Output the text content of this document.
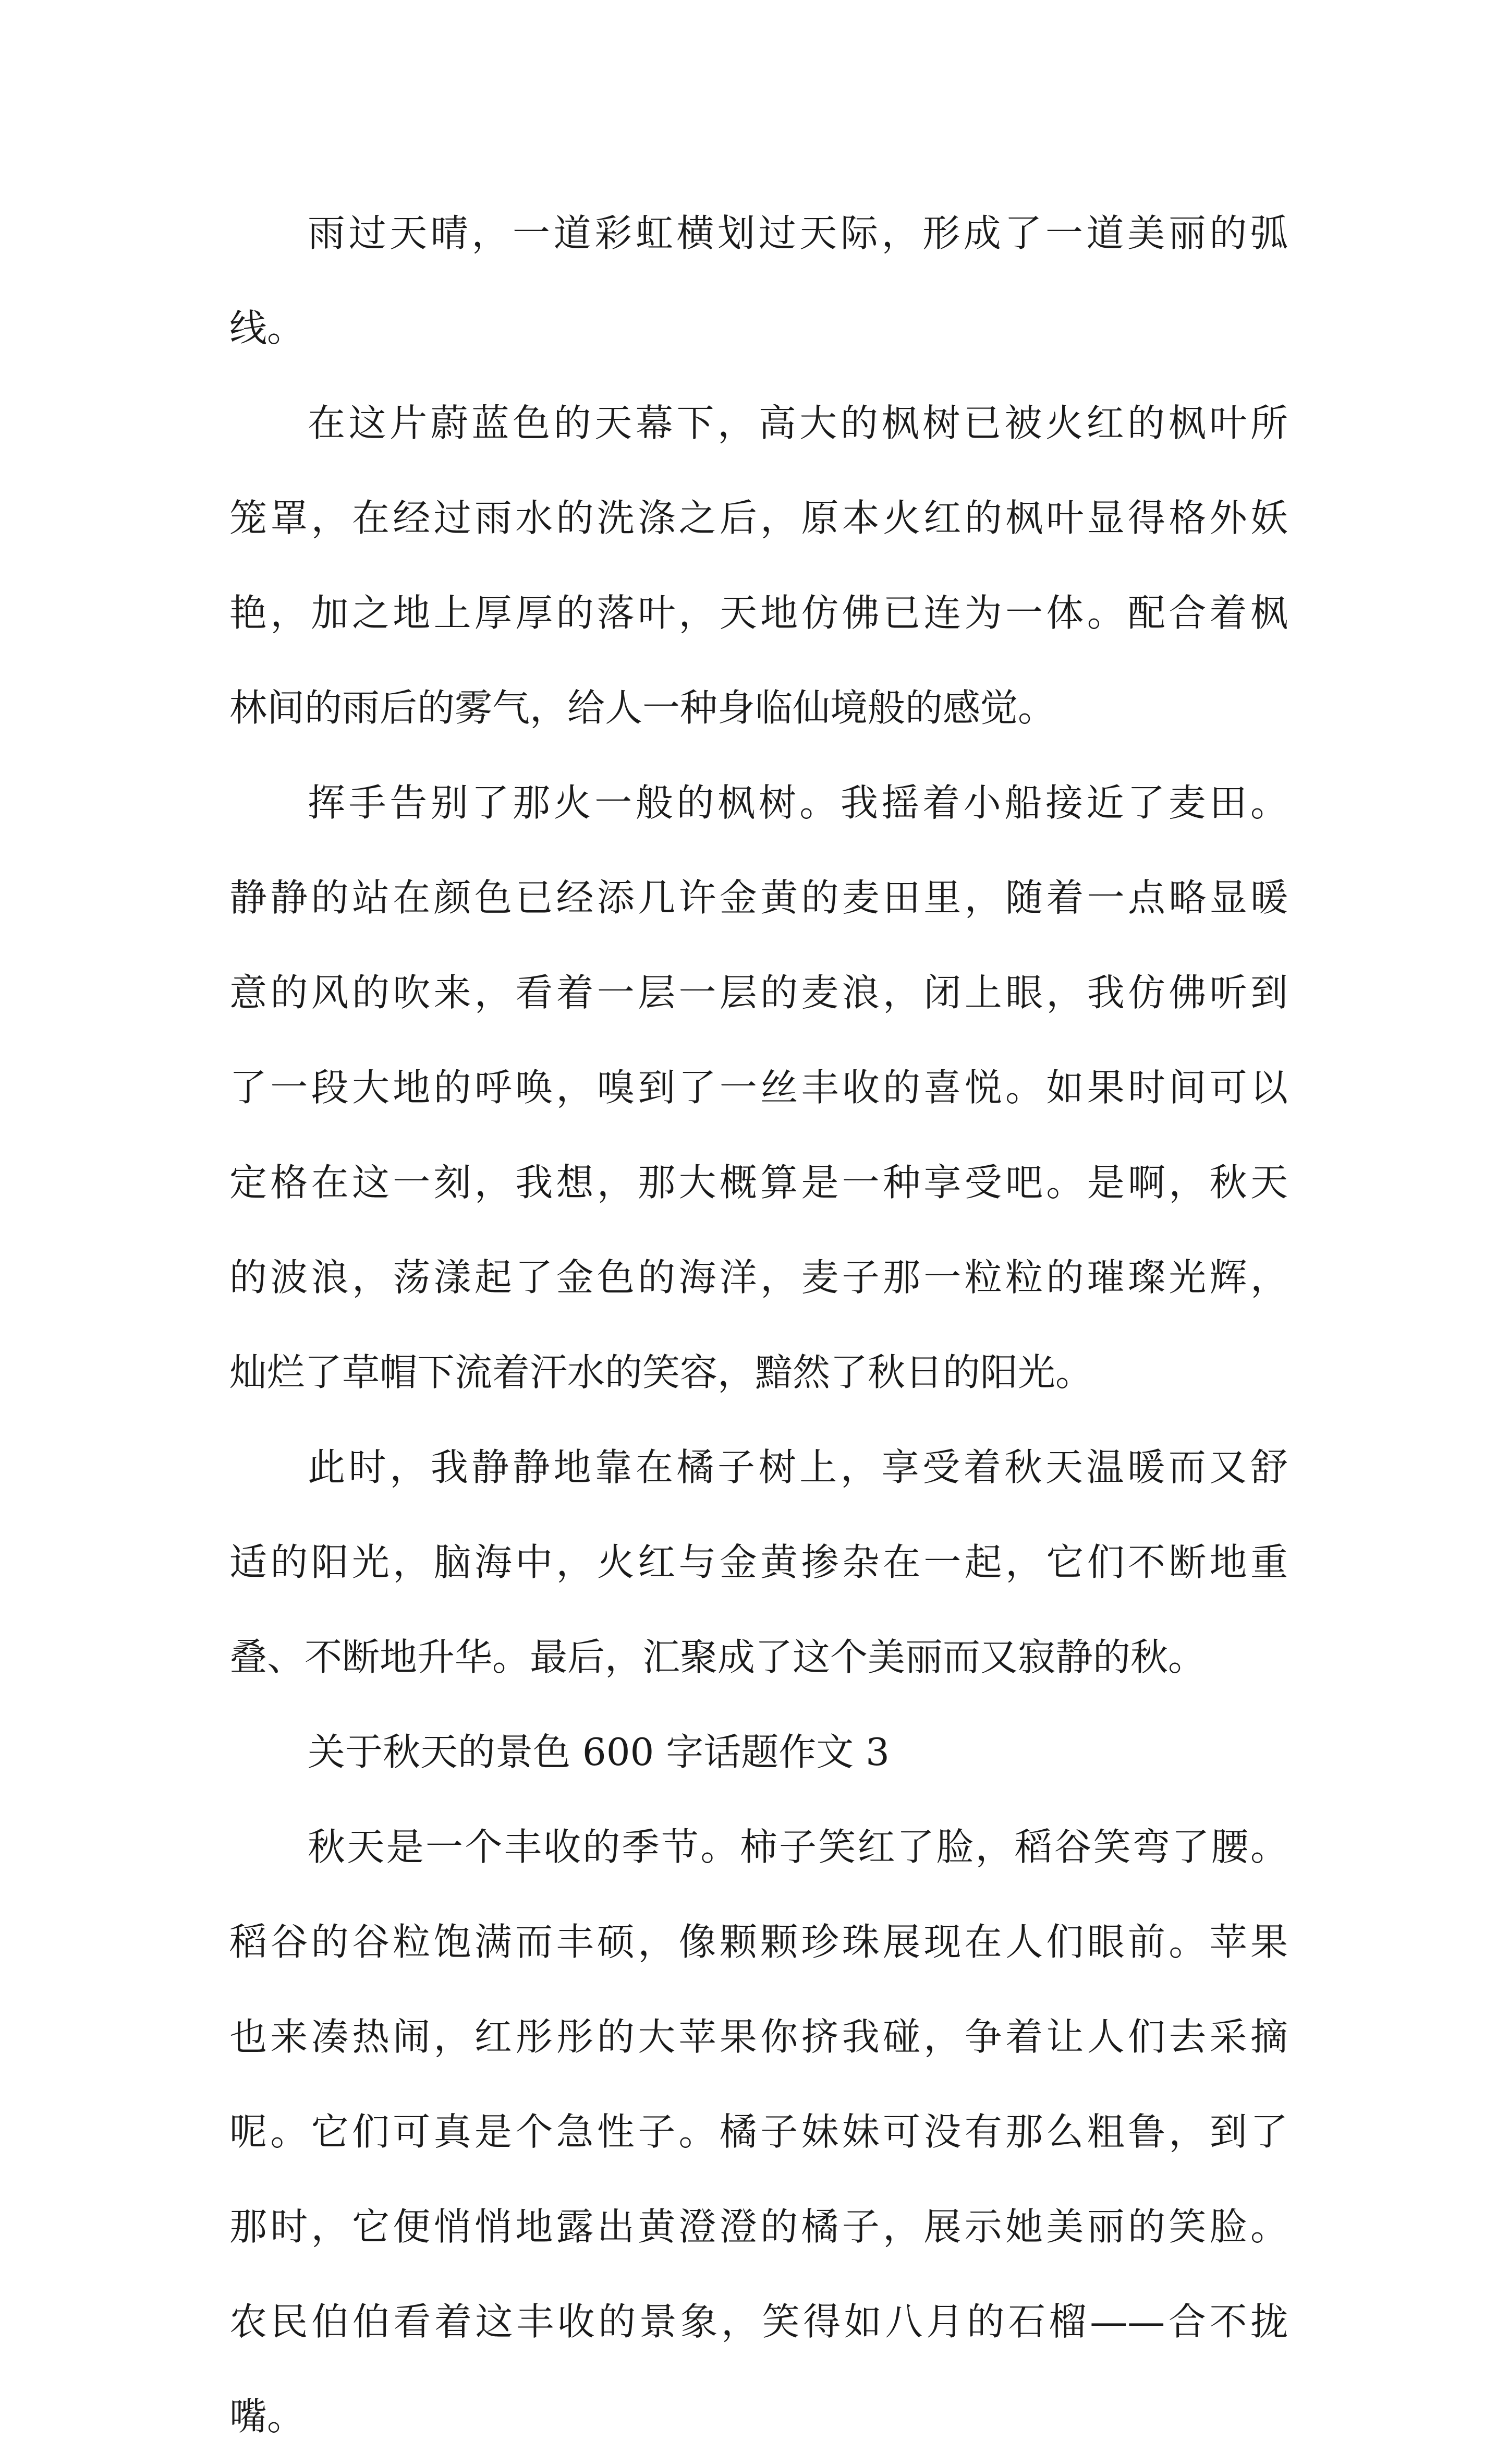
雨过天晴，一道彩虹横划过天际，形成了一道美丽的弧
线。
在这片蔚蓝色的天幕下，高大的枫树已被火红的枫叶所
笼罩，在经过雨水的洗涤之后，原本火红的枫叶显得格外妖
艳，加之地上厚厚的落叶，天地仿佛已连为一体。配合着枫
林间的雨后的雾气，给人一种身临仙境般的感觉。
挥手告别了那火一般的枫树。我摇着小船接近了麦田。
静静的站在颜色已经添几许金黄的麦田里，随着一点略显暖
意的风的吹来，看着一层一层的麦浪，闭上眼，我仿佛听到
了一段大地的呼唤，嗅到了一丝丰收的喜悦。如果时间可以
定格在这一刻，我想，那大概算是一种享受吧。是啊，秋天
的波浪，荡漾起了金色的海洋，麦子那一粒粒的璀璨光辉，
灿烂了草帽下流着汗水的笑容，黯然了秋日的阳光。
此时，我静静地靠在橘子树上，享受着秋天温暖而又舒
适的阳光，脑海中，火红与金黄掺杂在一起，它们不断地重
叠、不断地升华。最后，汇聚成了这个美丽而又寂静的秋。
关于秋天的景色 600 字话题作文 3
秋天是一个丰收的季节。柿子笑红了脸，稻谷笑弯了腰。
稻谷的谷粒饱满而丰硕，像颗颗珍珠展现在人们眼前。苹果
也来凑热闹，红彤彤的大苹果你挤我碰，争着让人们去采摘
呢。它们可真是个急性子。橘子妹妹可没有那么粗鲁，到了
那时，它便悄悄地露出黄澄澄的橘子，展示她美丽的笑脸。
农民伯伯看着这丰收的景象，笑得如八月的石榴——合不拢
嘴。
